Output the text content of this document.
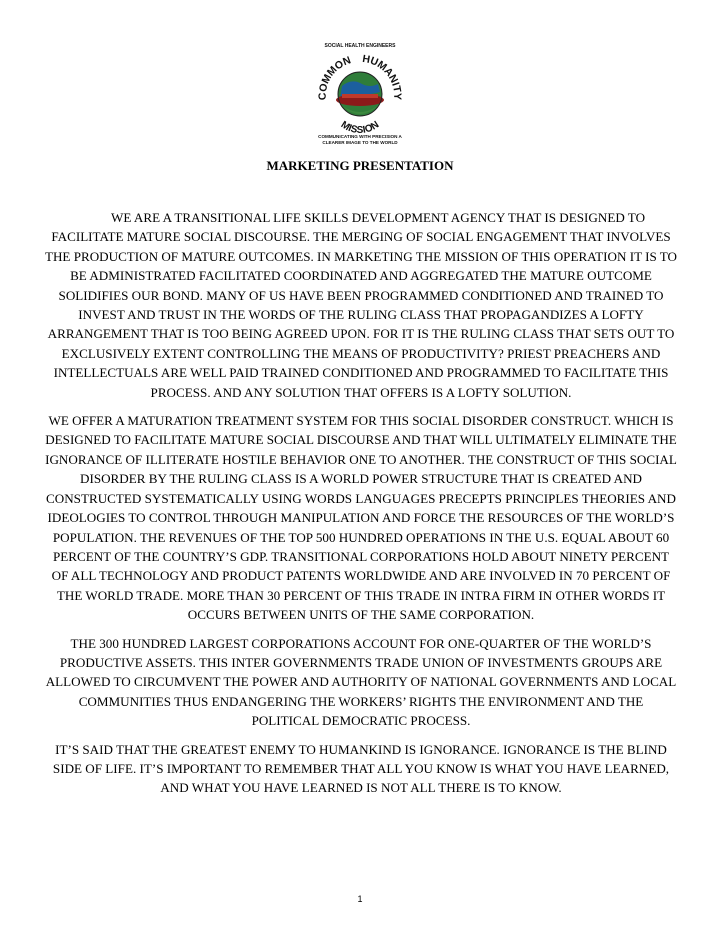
SOCIAL HEALTH ENGINEERS
COMMON HUMANITY
MISSION
COMMUNICATING WITH PRECISION A
CLEARER IMAGE TO THE WORLD
MARKETING PRESENTATION

WE ARE A TRANSITIONAL LIFE SKILLS DEVELOPMENT AGENCY THAT IS DESIGNED TO FACILITATE MATURE SOCIAL DISCOURSE. THE MERGING OF SOCIAL ENGAGEMENT THAT INVOLVES THE PRODUCTION OF MATURE OUTCOMES. IN MARKETING THE MISSION OF THIS OPERATION IT IS TO BE ADMINISTRATED FACILITATED COORDINATED AND AGGREGATED THE MATURE OUTCOME SOLIDIFIES OUR BOND. MANY OF US HAVE BEEN PROGRAMMED CONDITIONED AND TRAINED TO INVEST AND TRUST IN THE WORDS OF THE RULING CLASS THAT PROPAGANDIZES A LOFTY ARRANGEMENT THAT IS TOO BEING AGREED UPON. FOR IT IS THE RULING CLASS THAT SETS OUT TO EXCLUSIVELY EXTENT CONTROLLING THE MEANS OF PRODUCTIVITY? PRIEST PREACHERS AND INTELLECTUALS ARE WELL PAID TRAINED CONDITIONED AND PROGRAMMED TO FACILITATE THIS PROCESS. AND ANY SOLUTION THAT OFFERS IS A LOFTY SOLUTION.

WE OFFER A MATURATION TREATMENT SYSTEM FOR THIS SOCIAL DISORDER CONSTRUCT. WHICH IS DESIGNED TO FACILITATE MATURE SOCIAL DISCOURSE AND THAT WILL ULTIMATELY ELIMINATE THE IGNORANCE OF ILLITERATE HOSTILE BEHAVIOR ONE TO ANOTHER. THE CONSTRUCT OF THIS SOCIAL DISORDER BY THE RULING CLASS IS A WORLD POWER STRUCTURE THAT IS CREATED AND CONSTRUCTED SYSTEMATICALLY USING WORDS LANGUAGES PRECEPTS PRINCIPLES THEORIES AND IDEOLOGIES TO CONTROL THROUGH MANIPULATION AND FORCE THE RESOURCES OF THE WORLD’S POPULATION. THE REVENUES OF THE TOP 500 HUNDRED OPERATIONS IN THE U.S. EQUAL ABOUT 60 PERCENT OF THE COUNTRY’S GDP. TRANSITIONAL CORPORATIONS HOLD ABOUT NINETY PERCENT OF ALL TECHNOLOGY AND PRODUCT PATENTS WORLDWIDE AND ARE INVOLVED IN 70 PERCENT OF THE WORLD TRADE. MORE THAN 30 PERCENT OF THIS TRADE IN INTRA FIRM IN OTHER WORDS IT OCCURS BETWEEN UNITS OF THE SAME CORPORATION.

THE 300 HUNDRED LARGEST CORPORATIONS ACCOUNT FOR ONE-QUARTER OF THE WORLD’S PRODUCTIVE ASSETS. THIS INTER GOVERNMENTS TRADE UNION OF INVESTMENTS GROUPS ARE ALLOWED TO CIRCUMVENT THE POWER AND AUTHORITY OF NATIONAL GOVERNMENTS AND LOCAL COMMUNITIES THUS ENDANGERING THE WORKERS’ RIGHTS THE ENVIRONMENT AND THE POLITICAL DEMOCRATIC PROCESS.

IT’S SAID THAT THE GREATEST ENEMY TO HUMANKIND IS IGNORANCE. IGNORANCE IS THE BLIND SIDE OF LIFE. IT’S IMPORTANT TO REMEMBER THAT ALL YOU KNOW IS WHAT YOU HAVE LEARNED, AND WHAT YOU HAVE LEARNED IS NOT ALL THERE IS TO KNOW.

1
